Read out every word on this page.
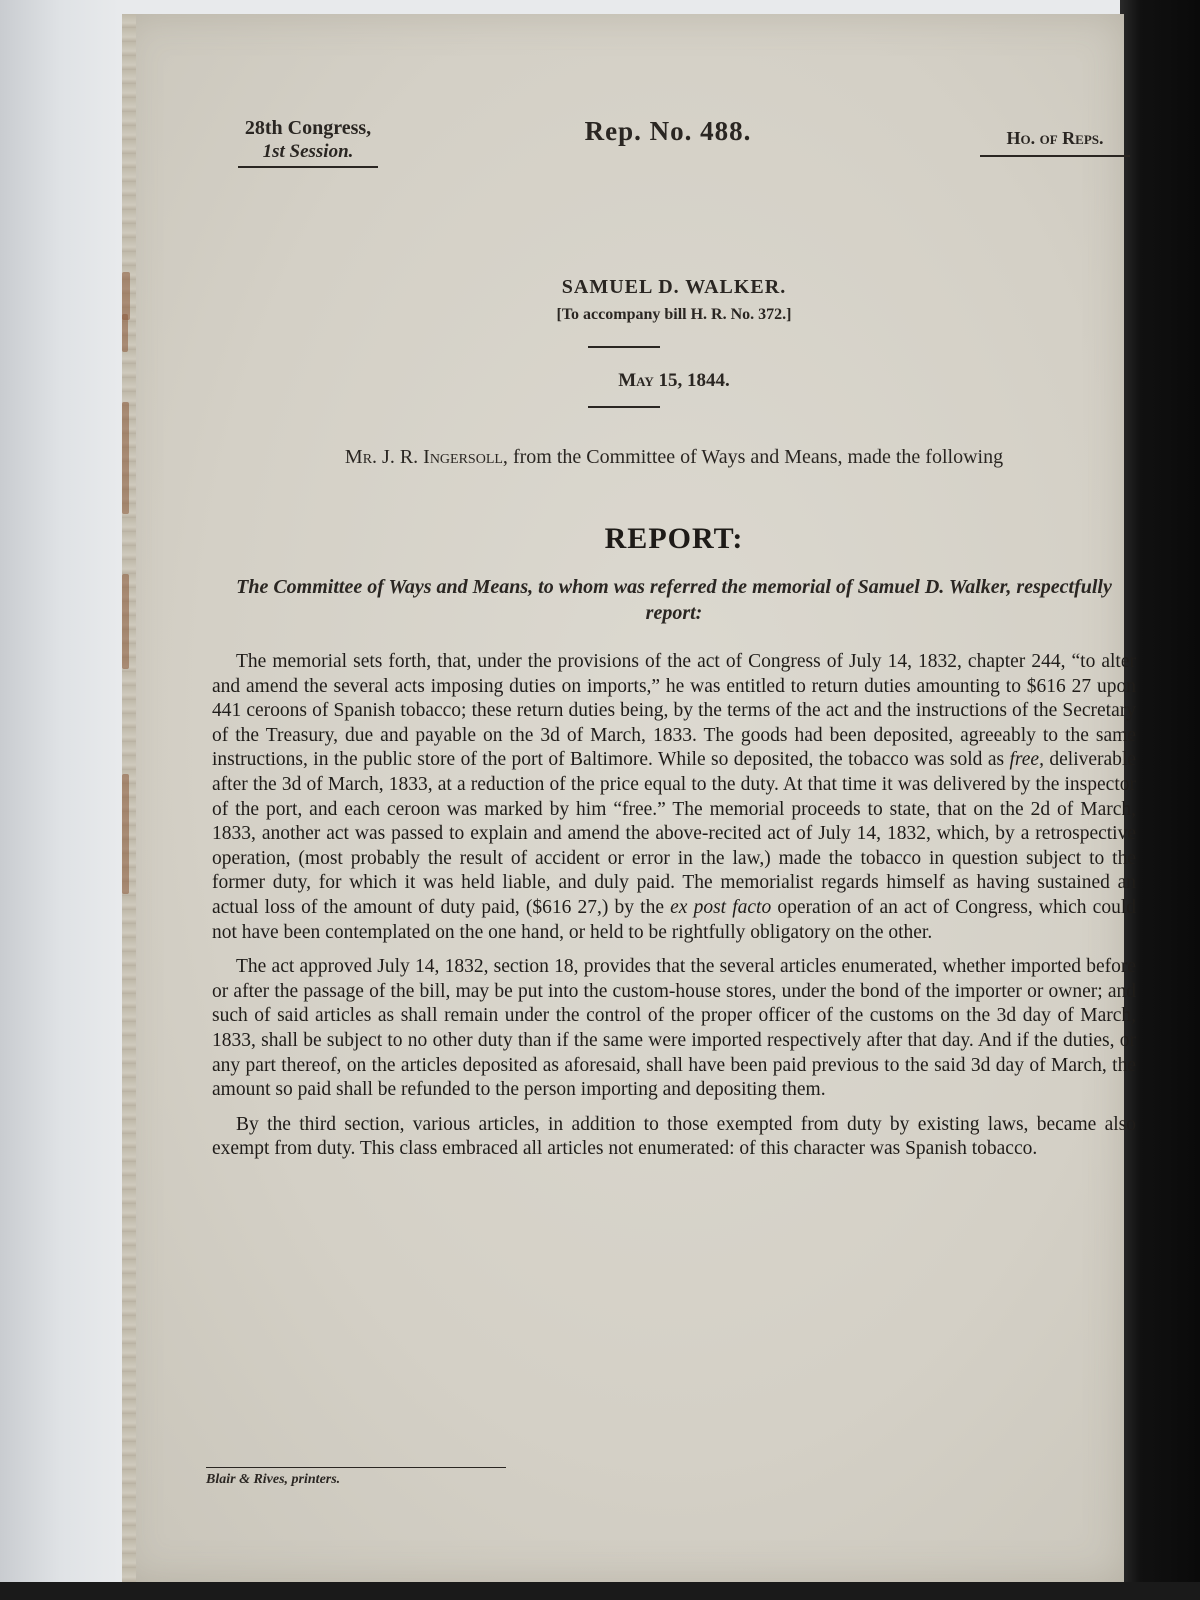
28th Congress,
1st Session.
Rep. No. 488.	Ho. of Reps.
SAMUEL D. WALKER.
[To accompany bill H. R. No. 372.]
May 15, 1844.
Mr. J. R. Ingersoll, from the Committee of Ways and Means, made the following
REPORT:
The Committee of Ways and Means, to whom was referred the memorial of Samuel D. Walker, respectfully report:

The memorial sets forth, that, under the provisions of the act of Congress of July 14, 1832, chapter 244, “to alter and amend the several acts imposing duties on imports,” he was entitled to return duties amounting to $616 27 upon 441 ceroons of Spanish tobacco; these return duties being, by the terms of the act and the instructions of the Secretary of the Treasury, due and payable on the 3d of March, 1833. The goods had been deposited, agreeably to the same instructions, in the public store of the port of Baltimore. While so deposited, the tobacco was sold as free, deliverable after the 3d of March, 1833, at a reduction of the price equal to the duty. At that time it was delivered by the inspector of the port, and each ceroon was marked by him “free.” The memorial proceeds to state, that on the 2d of March, 1833, another act was passed to explain and amend the above-recited act of July 14, 1832, which, by a retrospective operation, (most probably the result of accident or error in the law,) made the tobacco in question subject to the former duty, for which it was held liable, and duly paid. The memorialist regards himself as having sustained an actual loss of the amount of duty paid, ($616 27,) by the ex post facto operation of an act of Congress, which could not have been contemplated on the one hand, or held to be rightfully obligatory on the other.

The act approved July 14, 1832, section 18, provides that the several articles enumerated, whether imported before or after the passage of the bill, may be put into the custom-house stores, under the bond of the importer or owner; and such of said articles as shall remain under the control of the proper officer of the customs on the 3d day of March, 1833, shall be subject to no other duty than if the same were imported respectively after that day. And if the duties, or any part thereof, on the articles deposited as aforesaid, shall have been paid previous to the said 3d day of March, the amount so paid shall be refunded to the person importing and depositing them.

By the third section, various articles, in addition to those exempted from duty by existing laws, became also exempt from duty. This class embraced all articles not enumerated: of this character was Spanish tobacco.

Blair & Rives, printers.
